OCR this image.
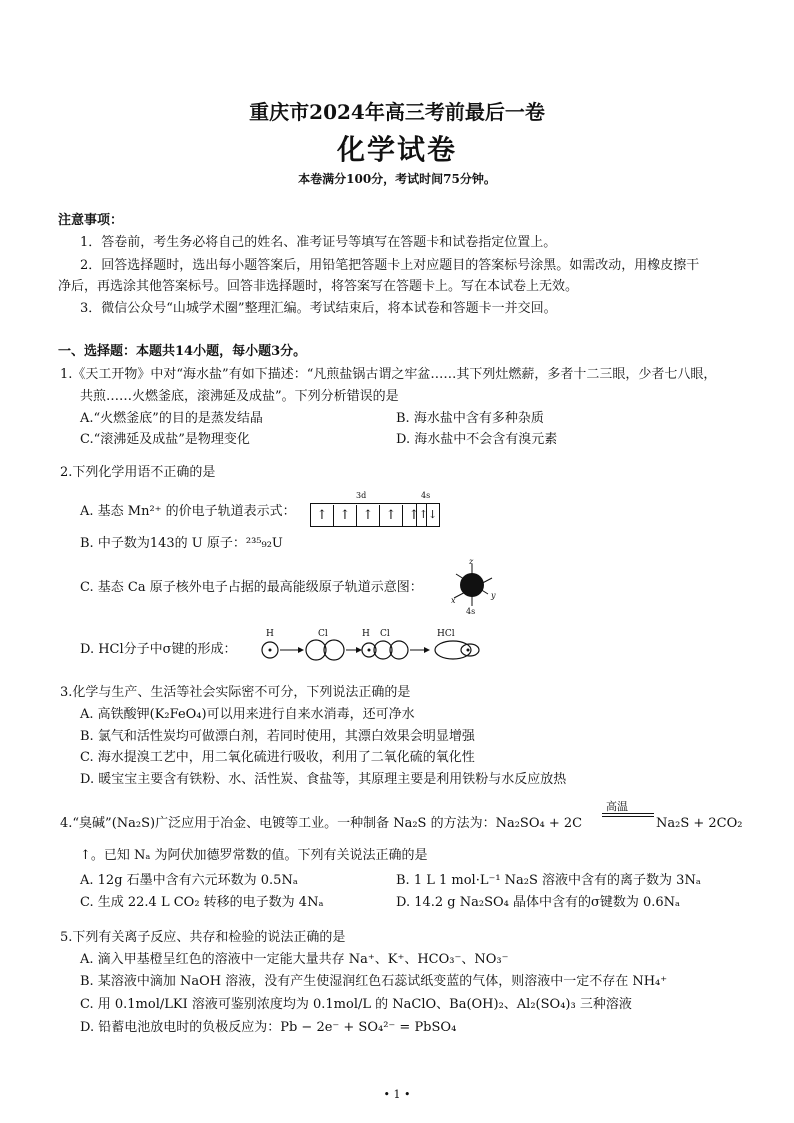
重庆市2024年高三考前最后一卷
化学试卷
本卷满分100分，考试时间75分钟。
注意事项：
1．答卷前，考生务必将自己的姓名、准考证号等填写在答题卡和试卷指定位置上。
2．回答选择题时，选出每小题答案后，用铅笔把答题卡上对应题目的答案标号涂黑。如需改动，用橡皮擦干
净后，再选涂其他答案标号。回答非选择题时，将答案写在答题卡上。写在本试卷上无效。
3．微信公众号“山城学术圈”整理汇编。考试结束后，将本试卷和答题卡一并交回。
一、选择题：本题共14小题，每小题3分。
1.《天工开物》中对“海水盐”有如下描述：“凡煎盐锅古谓之牢盆……其下列灶燃薪，多者十二三眼，少者七八眼，
共煎……火燃釜底，滚沸延及成盐”。下列分析错误的是
A.“火燃釜底”的目的是蒸发结晶	B. 海水盐中含有多种杂质
C.“滚沸延及成盐”是物理变化	D. 海水盐中不会含有溴元素
2.下列化学用语不正确的是
A. 基态 Mn²⁺ 的价电子轨道表示式：
3d	4s
↑ ↑ ↑ ↑ ↑ ↑↓
B. 中子数为143的 U 原子：²³⁵₉₂U
C. 基态 Ca 原子核外电子占据的最高能级原子轨道示意图：
z
x
y
4s
D. HCl分子中σ键的形成：
H	Cl	H Cl	HCl
3.化学与生产、生活等社会实际密不可分，下列说法正确的是
A. 高铁酸钾(K₂FeO₄)可以用来进行自来水消毒，还可净水
B. 氯气和活性炭均可做漂白剂，若同时使用，其漂白效果会明显增强
C. 海水提溴工艺中，用二氧化硫进行吸收，利用了二氧化硫的氧化性
D. 暖宝宝主要含有铁粉、水、活性炭、食盐等，其原理主要是利用铁粉与水反应放热
4.“臭碱”(Na₂S)广泛应用于冶金、电镀等工业。一种制备 Na₂S 的方法为：Na₂SO₄ + 2C
高温
Na₂S + 2CO₂
↑。已知 Nₐ 为阿伏加德罗常数的值。下列有关说法正确的是
A. 12g 石墨中含有六元环数为 0.5Nₐ	B. 1 L 1 mol·L⁻¹ Na₂S 溶液中含有的离子数为 3Nₐ
C. 生成 22.4 L CO₂ 转移的电子数为 4Nₐ	D. 14.2 g Na₂SO₄ 晶体中含有的σ键数为 0.6Nₐ
5.下列有关离子反应、共存和检验的说法正确的是
A. 滴入甲基橙呈红色的溶液中一定能大量共存 Na⁺、K⁺、HCO₃⁻、NO₃⁻
B. 某溶液中滴加 NaOH 溶液，没有产生使湿润红色石蕊试纸变蓝的气体，则溶液中一定不存在 NH₄⁺
C. 用 0.1mol/LKI 溶液可鉴别浓度均为 0.1mol/L 的 NaClO、Ba(OH)₂、Al₂(SO₄)₃ 三种溶液
D. 铅蓄电池放电时的负极反应为：Pb − 2e⁻ + SO₄²⁻ = PbSO₄
• 1 •
